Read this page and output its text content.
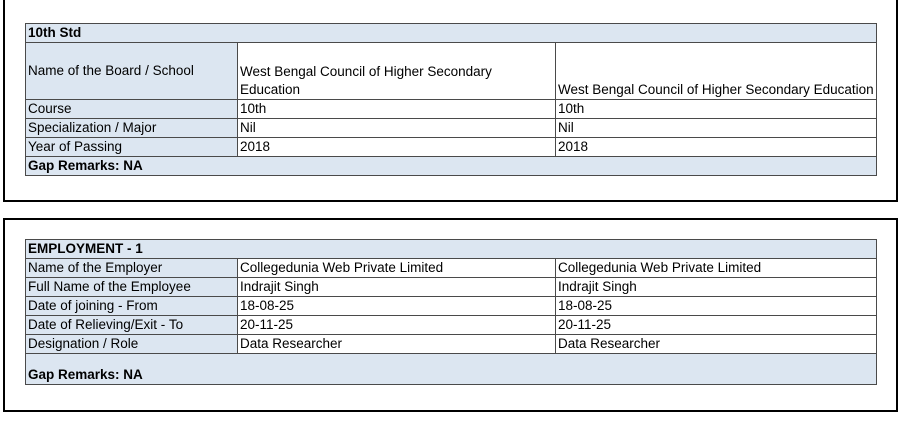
10th Std		
Name of the Board / School	West Bengal Council of Higher Secondary Education	West Bengal Council of Higher Secondary Education
Course	10th	10th
Specialization / Major	Nil	Nil
Year of Passing	2018	2018
Gap Remarks: NA		
EMPLOYMENT - 1		
Name of the Employer	Collegedunia Web Private Limited	Collegedunia Web Private Limited
Full Name of the Employee	Indrajit Singh	Indrajit Singh
Date of joining - From	18-08-25	18-08-25
Date of Relieving/Exit - To	20-11-25	20-11-25
Designation / Role	Data Researcher	Data Researcher
Gap Remarks: NA		
